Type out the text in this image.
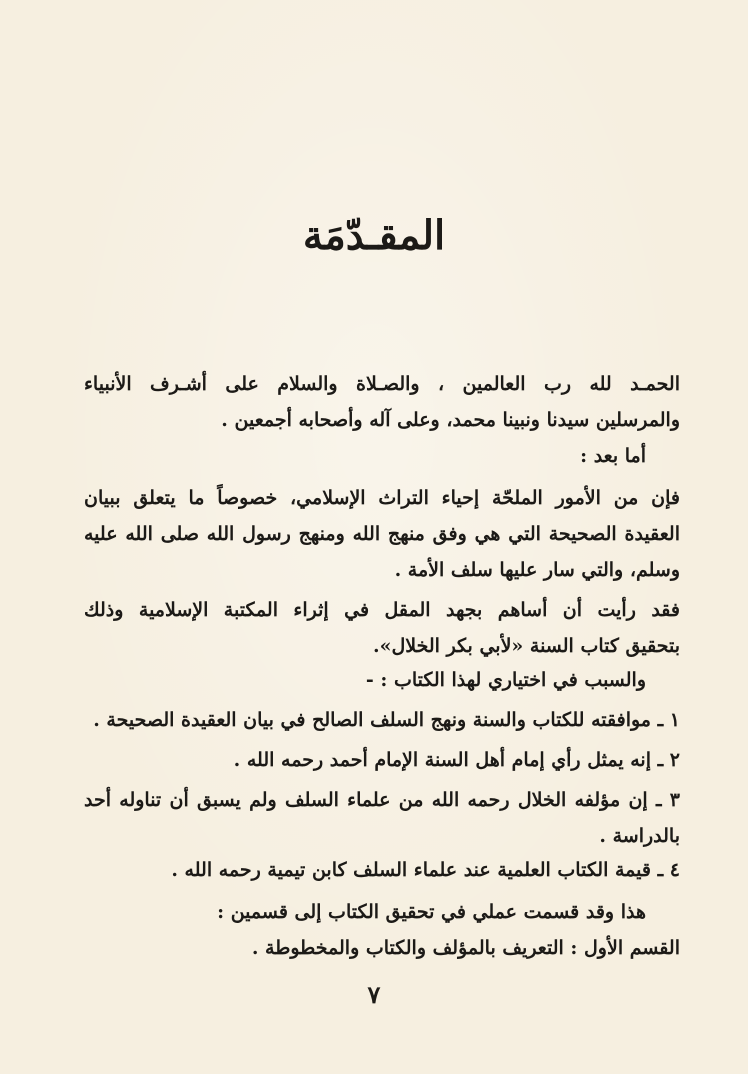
المقـدّمَة
الحمـد لله رب العالمين ، والصـلاة والسلام على أشـرف الأنبياء
والمرسلين سيدنا ونبينا محمد، وعلى آله وأصحابه أجمعين .
أما بعد :
فإن من الأمور الملحّة إحياء التراث الإسلامي، خصوصاً ما يتعلق ببيان
العقيدة الصحيحة التي هي وفق منهج الله ومنهج رسول الله صلى الله عليه
وسلم، والتي سار عليها سلف الأمة .
فقد رأيت أن أساهم بجهد المقل في إثراء المكتبة الإسلامية وذلك
بتحقيق كتاب السنة «لأبي بكر الخلال».
والسبب في اختياري لهذا الكتاب : -
١ ـ موافقته للكتاب والسنة ونهج السلف الصالح في بيان العقيدة الصحيحة .
٢ ـ إنه يمثل رأي إمام أهل السنة الإمام أحمد رحمه الله .
٣ ـ إن مؤلفه الخلال رحمه الله من علماء السلف ولم يسبق أن تناوله أحد
بالدراسة .
٤ ـ قيمة الكتاب العلمية عند علماء السلف كابن تيمية رحمه الله .
هذا وقد قسمت عملي في تحقيق الكتاب إلى قسمين :
القسم الأول : التعريف بالمؤلف والكتاب والمخطوطة .
٧
